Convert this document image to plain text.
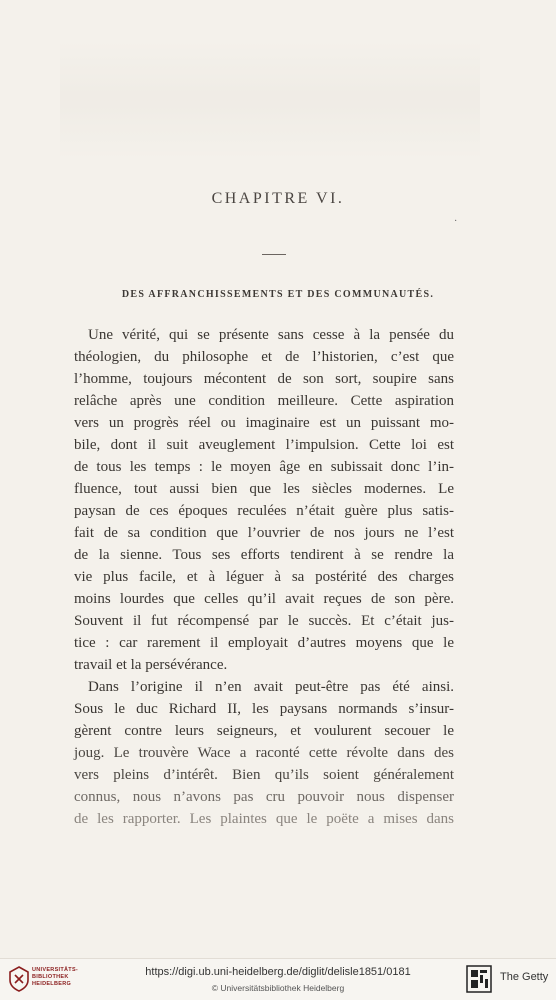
CHAPITRE VI.
·
DES AFFRANCHISSEMENTS ET DES COMMUNAUTÉS.
Une vérité, qui se présente sans cesse à la pensée du
théologien, du philosophe et de l’historien, c’est que
l’homme, toujours mécontent de son sort, soupire sans
relâche après une condition meilleure. Cette aspiration
vers un progrès réel ou imaginaire est un puissant mo-
bile, dont il suit aveuglement l’impulsion. Cette loi est
de tous les temps : le moyen âge en subissait donc l’in-
fluence, tout aussi bien que les siècles modernes. Le
paysan de ces époques reculées n’était guère plus satis-
fait de sa condition que l’ouvrier de nos jours ne l’est
de la sienne. Tous ses efforts tendirent à se rendre la
vie plus facile, et à léguer à sa postérité des charges
moins lourdes que celles qu’il avait reçues de son père.
Souvent il fut récompensé par le succès. Et c’était jus-
tice : car rarement il employait d’autres moyens que le
travail et la persévérance.
Dans l’origine il n’en avait peut-être pas été ainsi.
Sous le duc Richard II, les paysans normands s’insur-
gèrent contre leurs seigneurs, et voulurent secouer le
joug. Le trouvère Wace a raconté cette révolte dans des
vers pleins d’intérêt. Bien qu’ils soient généralement
connus, nous n’avons pas cru pouvoir nous dispenser
de les rapporter. Les plaintes que le poëte a mises dans
UNIVERSITÄTS-
BIBLIOTHEK
HEIDELBERG
https://digi.ub.uni-heidelberg.de/diglit/delisle1851/0181
© Universitätsbibliothek Heidelberg
The Getty
